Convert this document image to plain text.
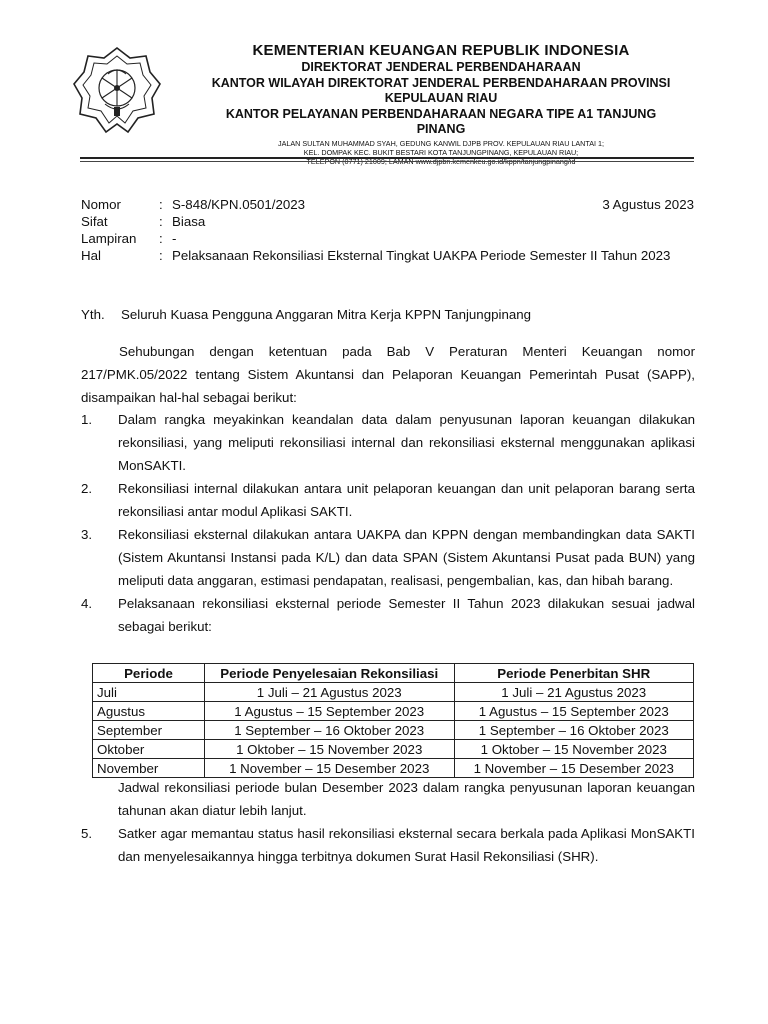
KEMENTERIAN KEUANGAN REPUBLIK INDONESIA
DIREKTORAT JENDERAL PERBENDAHARAAN
KANTOR WILAYAH DIREKTORAT JENDERAL PERBENDAHARAAN PROVINSI
KEPULAUAN RIAU
KANTOR PELAYANAN PERBENDAHARAAN NEGARA TIPE A1 TANJUNG
PINANG
JALAN SULTAN MUHAMMAD SYAH, GEDUNG KANWIL DJPB PROV. KEPULAUAN RIAU LANTAI 1;
KEL. DOMPAK KEC. BUKIT BESTARI KOTA TANJUNGPINANG, KEPULAUAN RIAU;
Nomor	: S-848/KPN.0501/2023
Sifat	: Biasa
Lampiran	: -
Hal	: Pelaksanaan Rekonsiliasi Eksternal Tingkat UAKPA Periode Semester II Tahun 2023
3 Agustus 2023
Yth.	Seluruh Kuasa Pengguna Anggaran Mitra Kerja KPPN Tanjungpinang
Sehubungan dengan ketentuan pada Bab V Peraturan Menteri Keuangan nomor 217/PMK.05/2022 tentang Sistem Akuntansi dan Pelaporan Keuangan Pemerintah Pusat (SAPP), disampaikan hal-hal sebagai berikut:
1.	Dalam rangka meyakinkan keandalan data dalam penyusunan laporan keuangan dilakukan rekonsiliasi, yang meliputi rekonsiliasi internal dan rekonsiliasi eksternal menggunakan aplikasi MonSAKTI.
2.	Rekonsiliasi internal dilakukan antara unit pelaporan keuangan dan unit pelaporan barang serta rekonsiliasi antar modul Aplikasi SAKTI.
3.	Rekonsiliasi eksternal dilakukan antara UAKPA dan KPPN dengan membandingkan data SAKTI (Sistem Akuntansi Instansi pada K/L) dan data SPAN (Sistem Akuntansi Pusat pada BUN) yang meliputi data anggaran, estimasi pendapatan, realisasi, pengembalian, kas, dan hibah barang.
4.	Pelaksanaan rekonsiliasi eksternal periode Semester II Tahun 2023 dilakukan sesuai jadwal sebagai berikut:
Periode	Periode Penyelesaian Rekonsiliasi	Periode Penerbitan SHR
Juli	1 Juli – 21 Agustus 2023	1 Juli – 21 Agustus 2023
Agustus	1 Agustus – 15 September 2023	1 Agustus – 15 September 2023
September	1 September – 16 Oktober 2023	1 September – 16 Oktober 2023
Oktober	1 Oktober – 15 November 2023	1 Oktober – 15 November 2023
November	1 November – 15 Desember 2023	1 November – 15 Desember 2023
Jadwal rekonsiliasi periode bulan Desember 2023 dalam rangka penyusunan laporan keuangan tahunan akan diatur lebih lanjut.
5.	Satker agar memantau status hasil rekonsiliasi eksternal secara berkala pada Aplikasi MonSAKTI dan menyelesaikannya hingga terbitnya dokumen Surat Hasil Rekonsiliasi (SHR).
